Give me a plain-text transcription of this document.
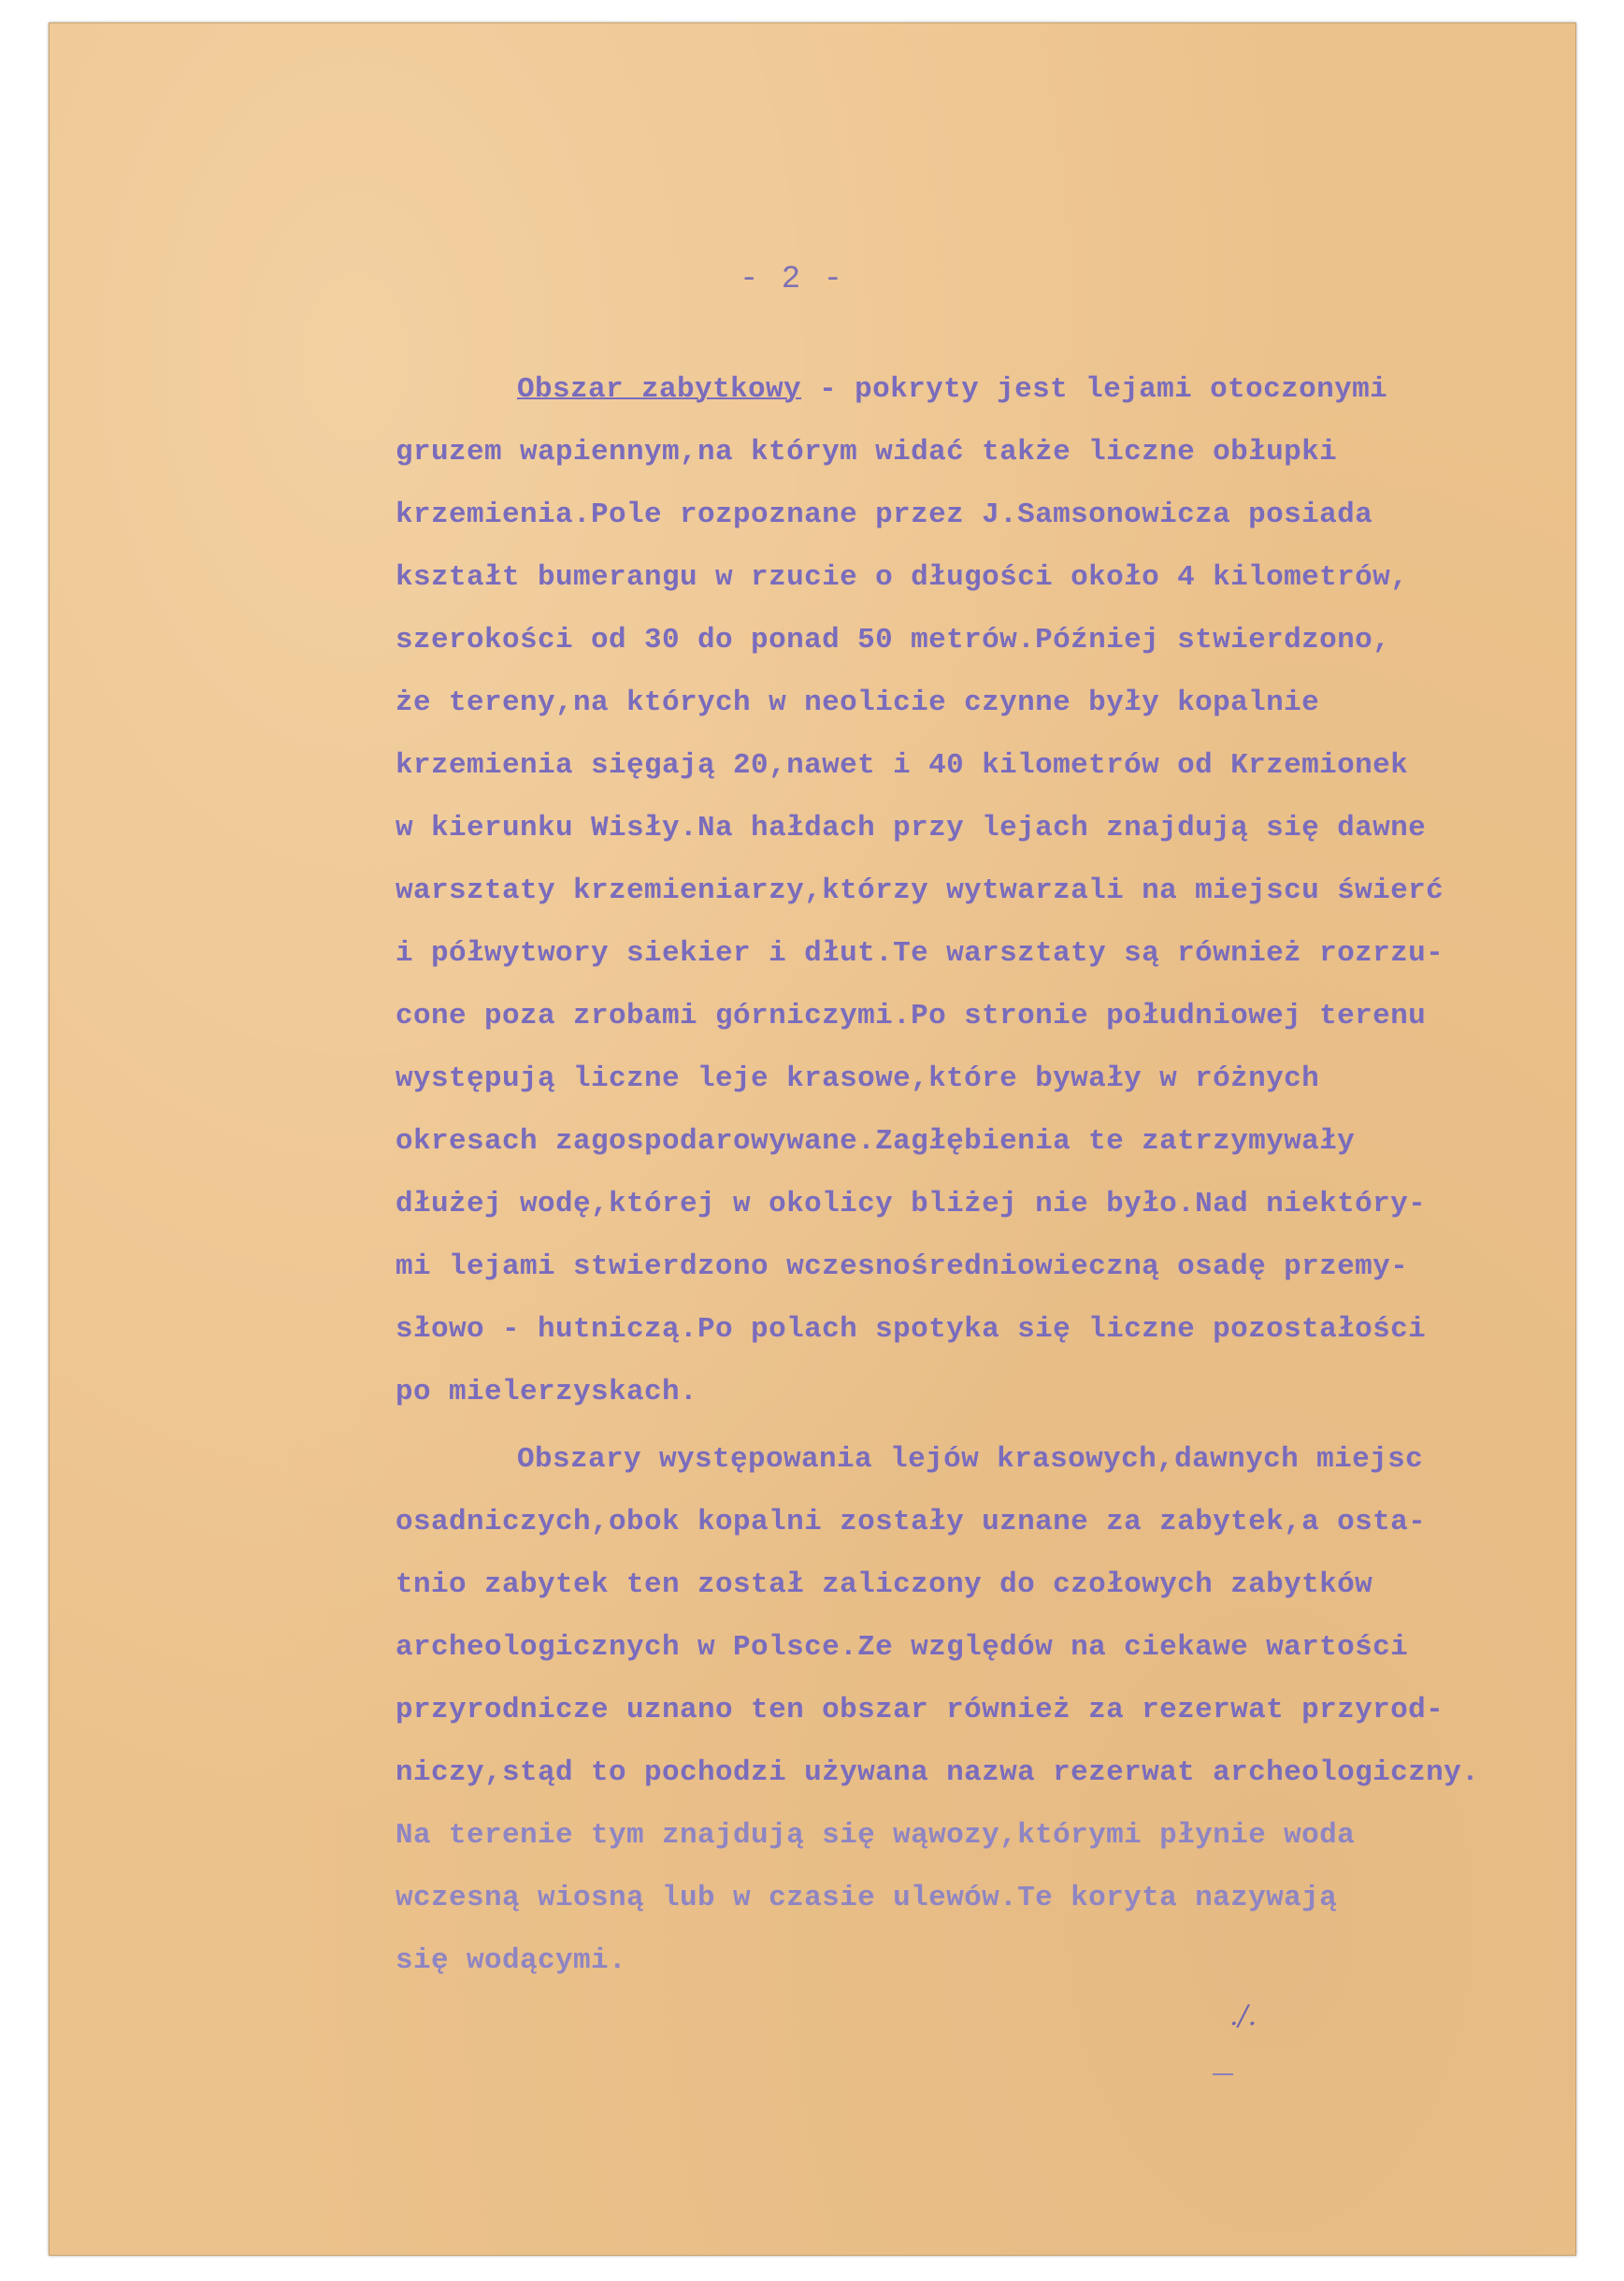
- 2 -
Obszar zabytkowy - pokryty jest lejami otoczonymi
gruzem wapiennym,na którym widać także liczne obłupki
krzemienia.Pole rozpoznane przez J.Samsonowicza posiada
kształt bumerangu w rzucie o długości około 4 kilometrów,
szerokości od 30 do ponad 50 metrów.Później stwierdzono,
że tereny,na których w neolicie czynne były kopalnie
krzemienia sięgają 20,nawet i 40 kilometrów od Krzemionek
w kierunku Wisły.Na hałdach przy lejach znajdują się dawne
warsztaty krzemieniarzy,którzy wytwarzali na miejscu świerć
i półwytwory siekier i dłut.Te warsztaty są również rozrzu-
cone poza zrobami górniczymi.Po stronie południowej terenu
występują liczne leje krasowe,które bywały w różnych
okresach zagospodarowywane.Zagłębienia te zatrzymywały
dłużej wodę,której w okolicy bliżej nie było.Nad niektóry-
mi lejami stwierdzono wczesnośredniowieczną osadę przemy-
słowo - hutniczą.Po polach spotyka się liczne pozostałości
po mielerzyskach.
Obszary występowania lejów krasowych,dawnych miejsc
osadniczych,obok kopalni zostały uznane za zabytek,a osta-
tnio zabytek ten został zaliczony do czołowych zabytków
archeologicznych w Polsce.Ze względów na ciekawe wartości
przyrodnicze uznano ten obszar również za rezerwat przyrod-
niczy,stąd to pochodzi używana nazwa rezerwat archeologiczny.
Na terenie tym znajdują się wąwozy,którymi płynie woda
wczesną wiosną lub w czasie ulewów.Te koryta nazywają
się wodącymi.
./.
